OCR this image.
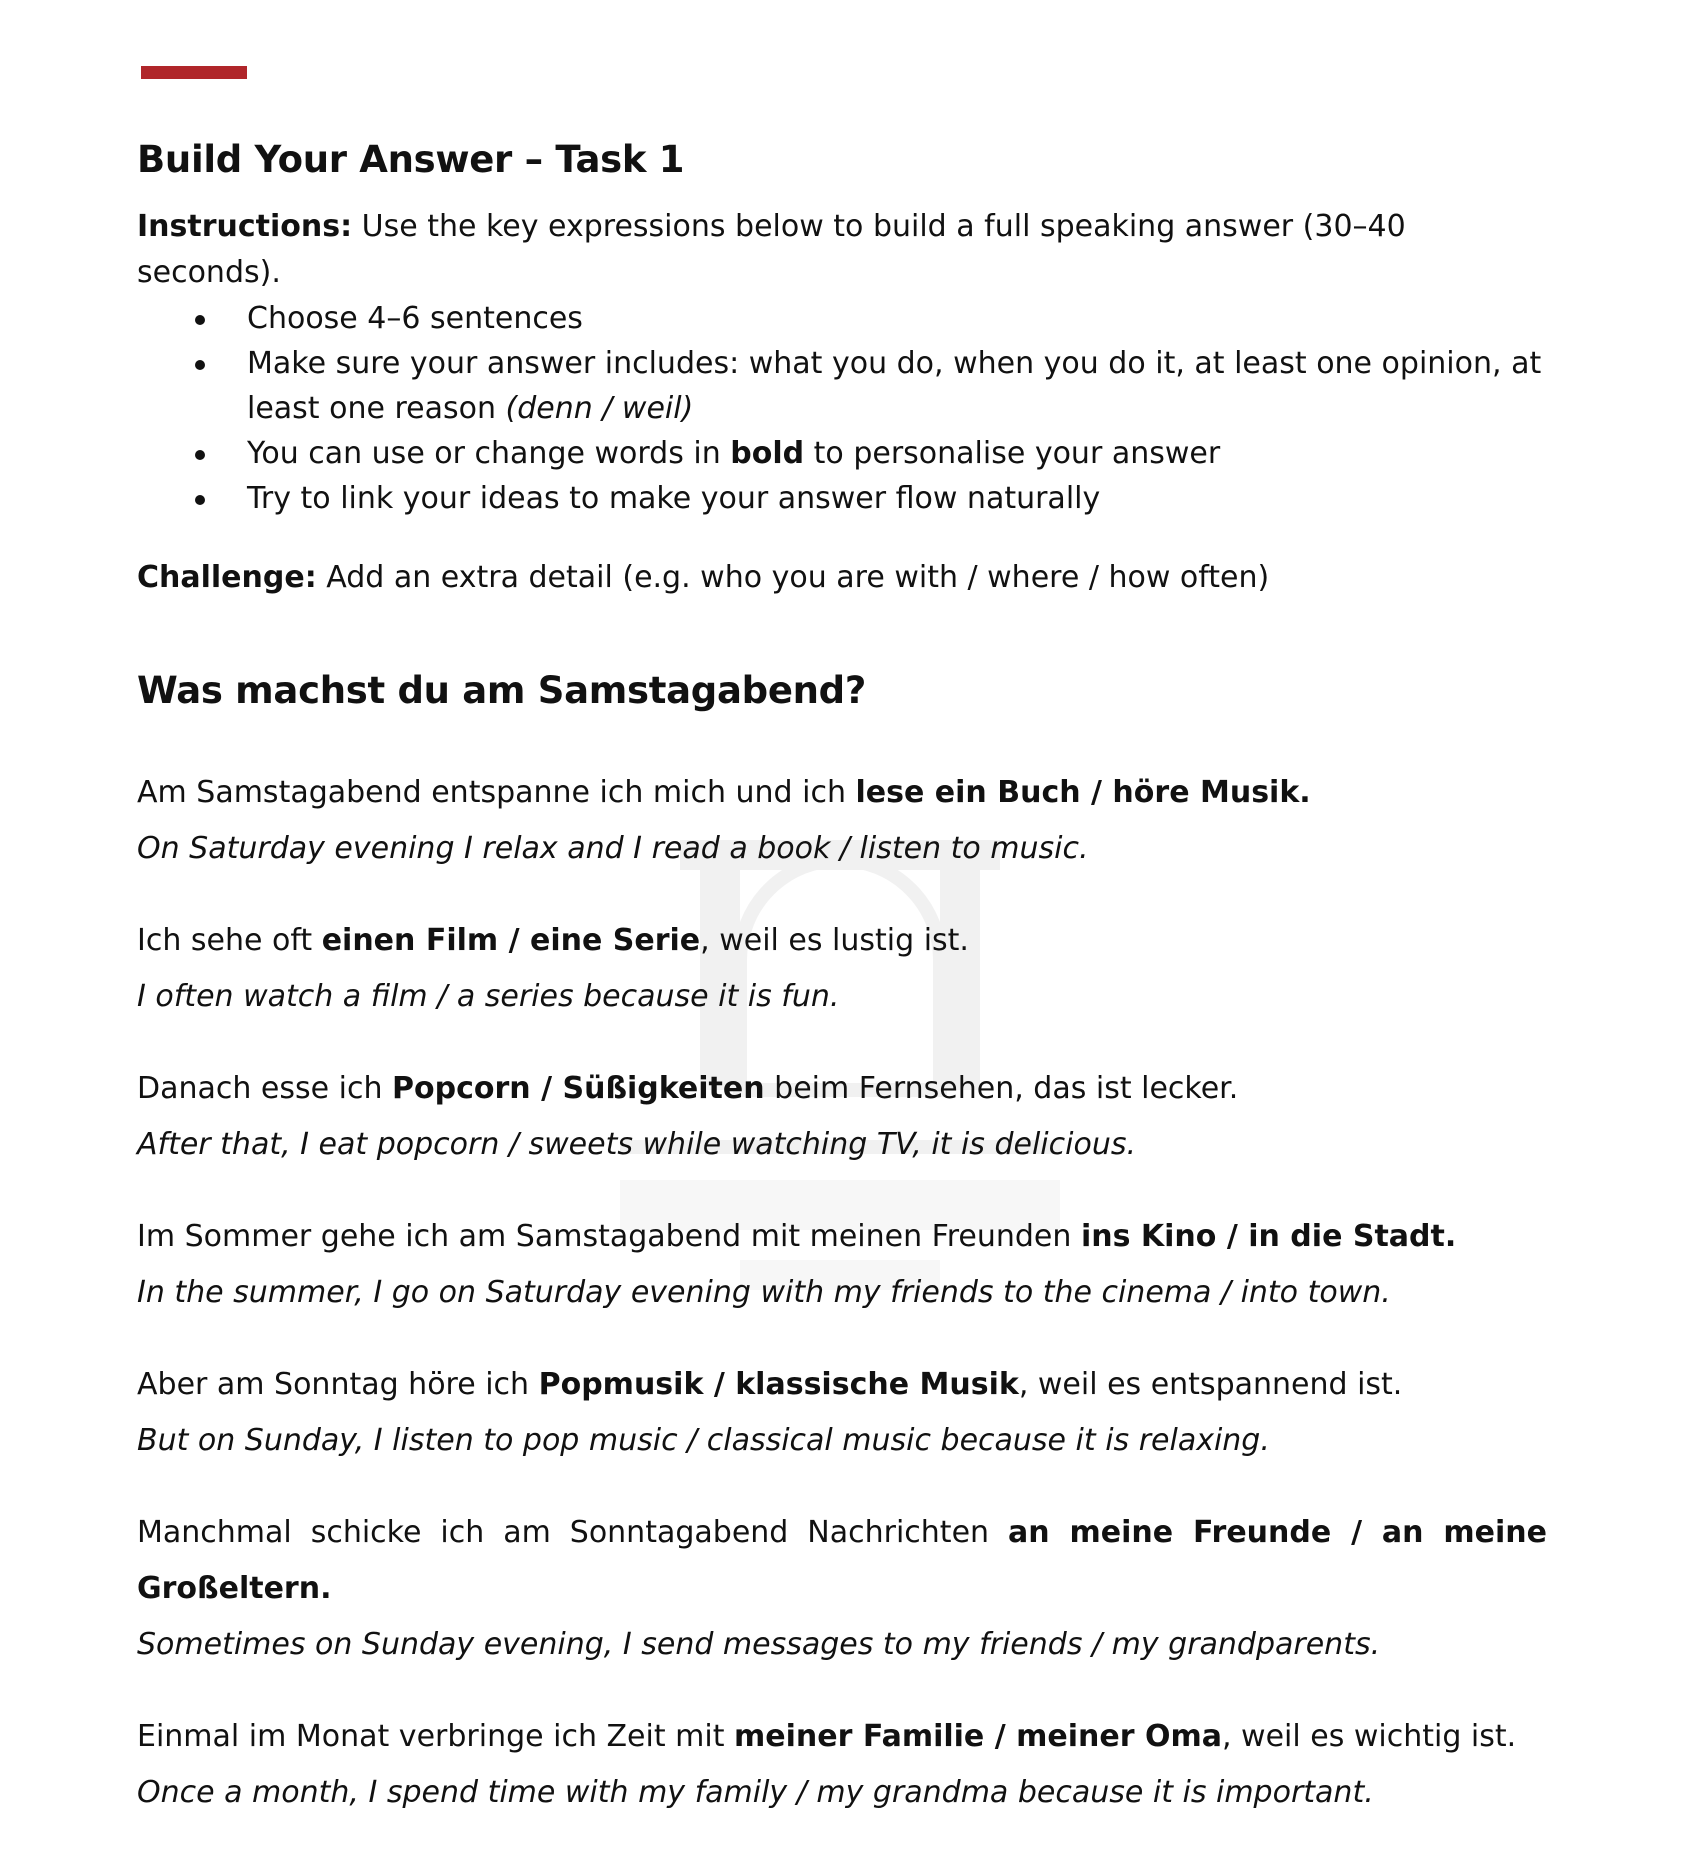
Build Your Answer – Task 1

Instructions: Use the key expressions below to build a full speaking answer (30–40 seconds).

Choose 4–6 sentences
Make sure your answer includes: what you do, when you do it, at least one opinion, at least one reason (denn / weil)
You can use or change words in bold to personalise your answer
Try to link your ideas to make your answer flow naturally

Challenge: Add an extra detail (e.g. who you are with / where / how often)

Was machst du am Samstagabend?
Am Samstagabend entspanne ich mich und ich lese ein Buch / höre Musik.
On Saturday evening I relax and I read a book / listen to music.
Ich sehe oft einen Film / eine Serie, weil es lustig ist.
I often watch a film / a series because it is fun.
Danach esse ich Popcorn / Süßigkeiten beim Fernsehen, das ist lecker.
After that, I eat popcorn / sweets while watching TV, it is delicious.
Im Sommer gehe ich am Samstagabend mit meinen Freunden ins Kino / in die Stadt.
In the summer, I go on Saturday evening with my friends to the cinema / into town.
Aber am Sonntag höre ich Popmusik / klassische Musik, weil es entspannend ist.
But on Sunday, I listen to pop music / classical music because it is relaxing.
Manchmal schicke ich am Sonntagabend Nachrichten an meine Freunde / an meine Großeltern.
Sometimes on Sunday evening, I send messages to my friends / my grandparents.
Einmal im Monat verbringe ich Zeit mit meiner Familie / meiner Oma, weil es wichtig ist.
Once a month, I spend time with my family / my grandma because it is important.
